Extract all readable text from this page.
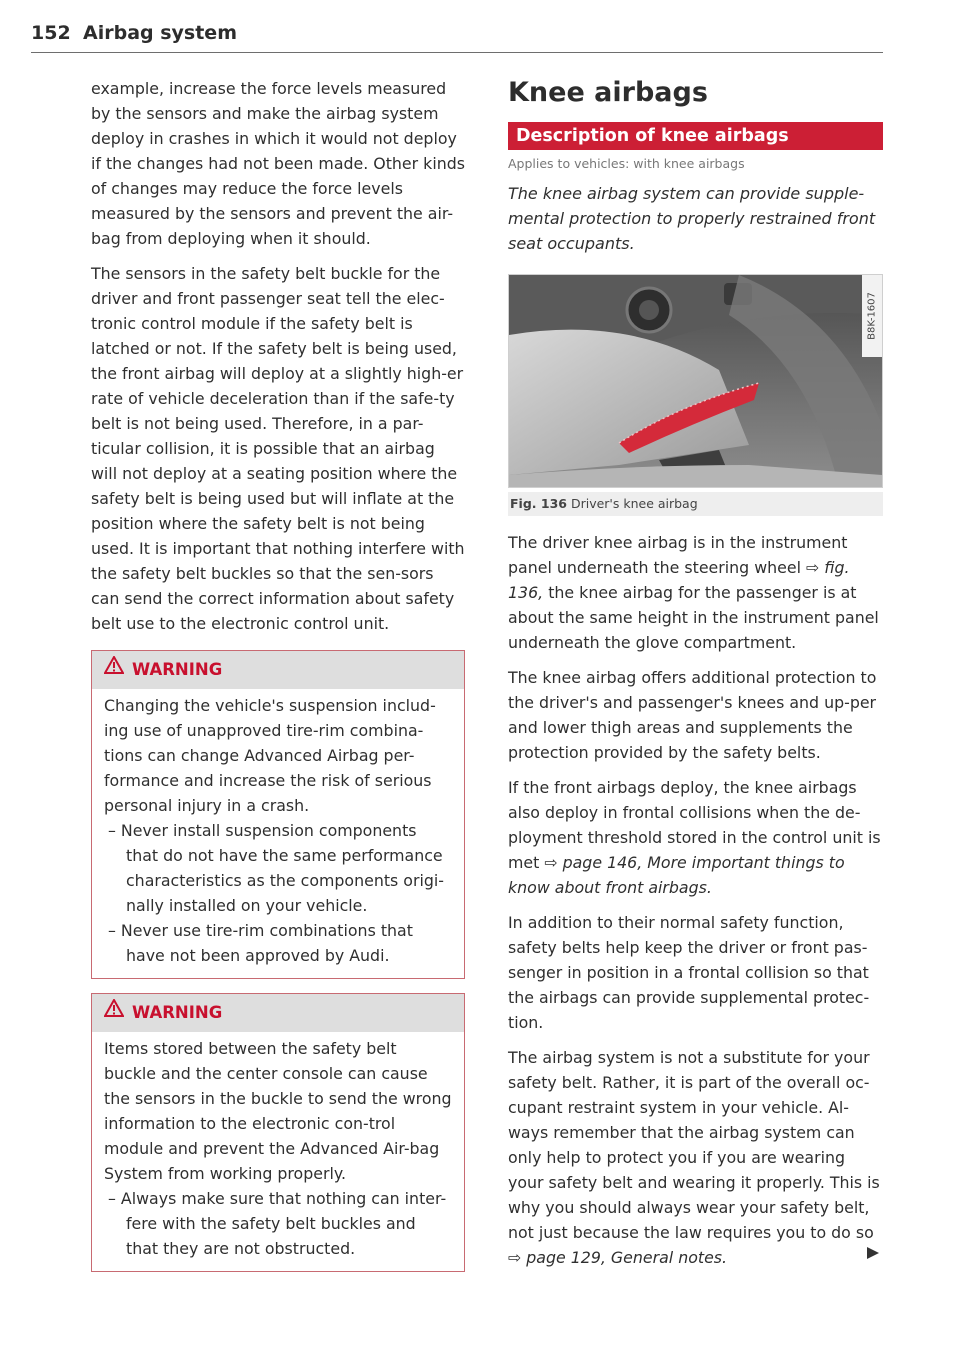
152 Airbag system

example, increase the force levels measured by the sensors and make the airbag system deploy in crashes in which it would not deploy if the changes had not been made. Other kinds of changes may reduce the force levels measured by the sensors and prevent the air-bag from deploying when it should.

The sensors in the safety belt buckle for the driver and front passenger seat tell the elec-tronic control module if the safety belt is latched or not. If the safety belt is being used, the front airbag will deploy at a slightly high-er rate of vehicle deceleration than if the safe-ty belt is not being used. Therefore, in a par-ticular collision, it is possible that an airbag will not deploy at a seating position where the safety belt is being used but will inflate at the position where the safety belt is not being used. It is important that nothing interfere with the safety belt buckles so that the sen-sors can send the correct information about safety belt use to the electronic control unit.

WARNING

Changing the vehicle's suspension includ-ing use of unapproved tire-rim combina-tions can change Advanced Airbag per-formance and increase the risk of serious personal injury in a crash.

– Never install suspension components that do not have the same performance characteristics as the components origi-nally installed on your vehicle.
– Never use tire-rim combinations that have not been approved by Audi.
WARNING

Items stored between the safety belt buckle and the center console can cause the sensors in the buckle to send the wrong information to the electronic con-trol module and prevent the Advanced Air-bag System from working properly.

– Always make sure that nothing can inter-fere with the safety belt buckles and that they are not obstructed.
Knee airbags
Description of knee airbags
Applies to vehicles: with knee airbags

The knee airbag system can provide supple-mental protection to properly restrained front seat occupants.

B8K-1607
Fig. 136 Driver's knee airbag

The driver knee airbag is in the instrument panel underneath the steering wheel ⇨ fig. 136, the knee airbag for the passenger is at about the same height in the instrument panel underneath the glove compartment.

The knee airbag offers additional protection to the driver's and passenger's knees and up-per and lower thigh areas and supplements the protection provided by the safety belts.

If the front airbags deploy, the knee airbags also deploy in frontal collisions when the de-ployment threshold stored in the control unit is met ⇨ page 146, More important things to know about front airbags.

In addition to their normal safety function, safety belts help keep the driver or front pas-senger in position in a frontal collision so that the airbags can provide supplemental protec-tion.

The airbag system is not a substitute for your safety belt. Rather, it is part of the overall oc-cupant restraint system in your vehicle. Al-ways remember that the airbag system can only help to protect you if you are wearing your safety belt and wearing it properly. This is why you should always wear your safety belt, not just because the law requires you to do so ⇨ page 129, General notes.
